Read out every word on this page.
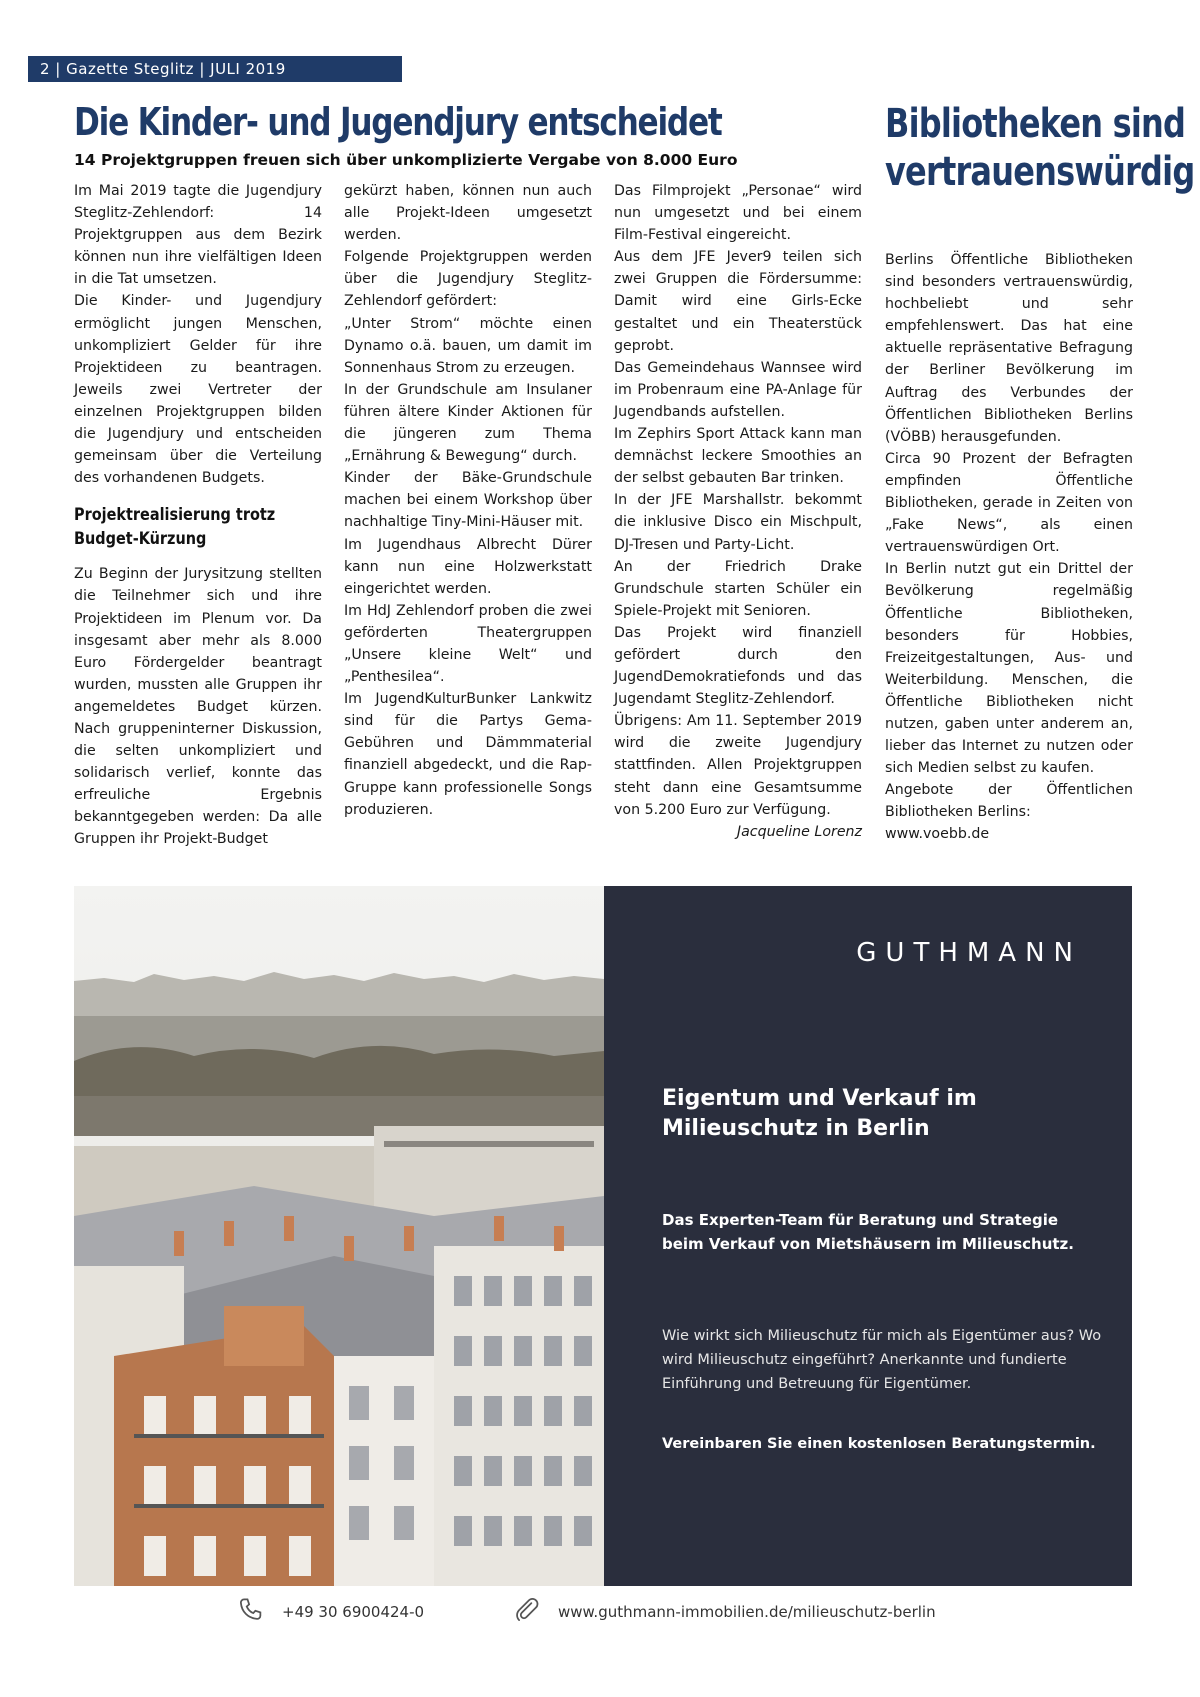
2 | Gazette Steglitz | JULI 2019
Die Kinder- und Jugendjury entscheidet
14 Projektgruppen freuen sich über unkomplizierte Vergabe von 8.000 Euro

Im Mai 2019 tagte die Jugendjury Steglitz-Zehlendorf: 14 Projektgruppen aus dem Bezirk können nun ihre vielfältigen Ideen in die Tat umsetzen.

Die Kinder- und Jugendjury ermöglicht jungen Menschen, unkompliziert Gelder für ihre Projektideen zu beantragen. Jeweils zwei Vertreter der einzelnen Projektgruppen bilden die Jugendjury und entscheiden gemeinsam über die Verteilung des vorhandenen Budgets.

Projektrealisierung trotz Budget-Kürzung

Zu Beginn der Jurysitzung stellten die Teilnehmer sich und ihre Projektideen im Plenum vor. Da insgesamt aber mehr als 8.000 Euro Fördergelder beantragt wurden, mussten alle Gruppen ihr angemeldetes Budget kürzen. Nach gruppeninterner Diskussion, die selten unkompliziert und solidarisch verlief, konnte das erfreuliche Ergebnis bekanntgegeben werden: Da alle Gruppen ihr Projekt-Budget

gekürzt haben, können nun auch alle Projekt-Ideen umgesetzt werden.

Folgende Projektgruppen werden über die Jugendjury Steglitz-Zehlendorf gefördert:

„Unter Strom“ möchte einen Dynamo o.ä. bauen, um damit im Sonnenhaus Strom zu erzeugen.

In der Grundschule am Insulaner führen ältere Kinder Aktionen für die jüngeren zum Thema „Ernährung & Bewegung“ durch.

Kinder der Bäke-Grundschule machen bei einem Workshop über nachhaltige Tiny-Mini-Häuser mit.

Im Jugendhaus Albrecht Dürer kann nun eine Holzwerkstatt eingerichtet werden.

Im HdJ Zehlendorf proben die zwei geförderten Theatergruppen „Unsere kleine Welt“ und „Penthesilea“.

Im JugendKulturBunker Lankwitz sind für die Partys Gema-Gebühren und Dämmmaterial finanziell abgedeckt, und die Rap-Gruppe kann professionelle Songs produzieren.

Das Filmprojekt „Personae“ wird nun umgesetzt und bei einem Film-Festival eingereicht.

Aus dem JFE Jever9 teilen sich zwei Gruppen die Fördersumme: Damit wird eine Girls-Ecke gestaltet und ein Theaterstück geprobt.

Das Gemeindehaus Wannsee wird im Probenraum eine PA-Anlage für Jugendbands aufstellen.

Im Zephirs Sport Attack kann man demnächst leckere Smoothies an der selbst gebauten Bar trinken.

In der JFE Marshallstr. bekommt die inklusive Disco ein Mischpult, DJ-Tresen und Party-Licht.

An der Friedrich Drake Grundschule starten Schüler ein Spiele-Projekt mit Senioren.

Das Projekt wird finanziell gefördert durch den JugendDemokratiefonds und das Jugendamt Steglitz-Zehlendorf.

Übrigens: Am 11. September 2019 wird die zweite Jugendjury stattfinden. Allen Projektgruppen steht dann eine Gesamtsumme von 5.200 Euro zur Verfügung.

Jacqueline Lorenz

Bibliotheken sind vertrauenswürdig

Berlins Öffentliche Bibliotheken sind besonders vertrauenswürdig, hochbeliebt und sehr empfehlenswert. Das hat eine aktuelle repräsentative Befragung der Berliner Bevölkerung im Auftrag des Verbundes der Öffentlichen Bibliotheken Berlins (VÖBB) herausgefunden.

Circa 90 Prozent der Befragten empfinden Öffentliche Bibliotheken, gerade in Zeiten von „Fake News“, als einen vertrauenswürdigen Ort.

In Berlin nutzt gut ein Drittel der Bevölkerung regelmäßig Öffentliche Bibliotheken, besonders für Hobbies, Freizeitgestaltungen, Aus- und Weiterbildung. Menschen, die Öffentliche Bibliotheken nicht nutzen, gaben unter anderem an, lieber das Internet zu nutzen oder sich Medien selbst zu kaufen.

Angebote der Öffentlichen Bibliotheken Berlins:

www.voebb.de

GUTHMANN
Eigentum und Verkauf im Milieuschutz in Berlin
Das Experten-Team für Beratung und Strategie beim Verkauf von Mietshäusern im Milieuschutz.
Wie wirkt sich Milieuschutz für mich als Eigentümer aus? Wo wird Milieuschutz eingeführt? Anerkannte und fundierte Einführung und Betreuung für Eigentümer.
Vereinbaren Sie einen kostenlosen Beratungstermin.
+49 30 6900424-0	www.guthmann-immobilien.de/milieuschutz-berlin
